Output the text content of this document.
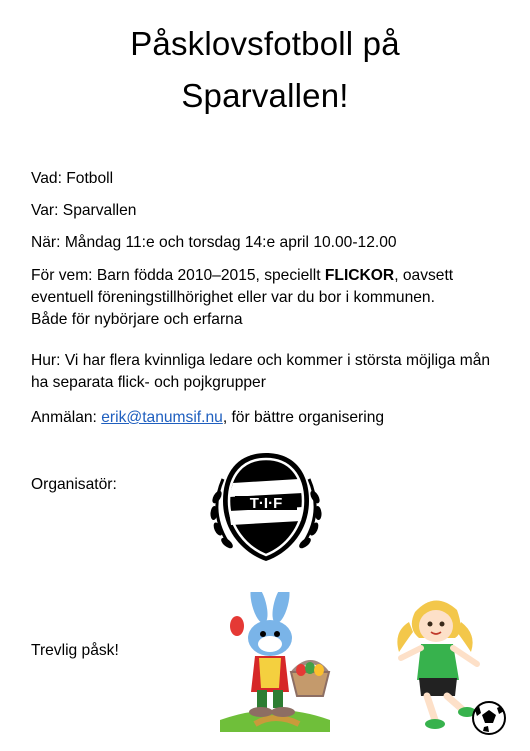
Påsklovsfotboll på
Sparvallen!
Vad: Fotboll
Var: Sparvallen
När: Måndag 11:e och torsdag 14:e april 10.00-12.00
För vem: Barn födda 2010–2015, speciellt FLICKOR, oavsett eventuell föreningstillhörighet eller var du bor i kommunen.
Både för nybörjare och erfarna
Hur: Vi har flera kvinnliga ledare och kommer i största möjliga mån ha separata flick- och pojkgrupper
Anmälan: erik@tanumsif.nu, för bättre organisering
Organisatör:
T·I·F
Trevlig påsk!
